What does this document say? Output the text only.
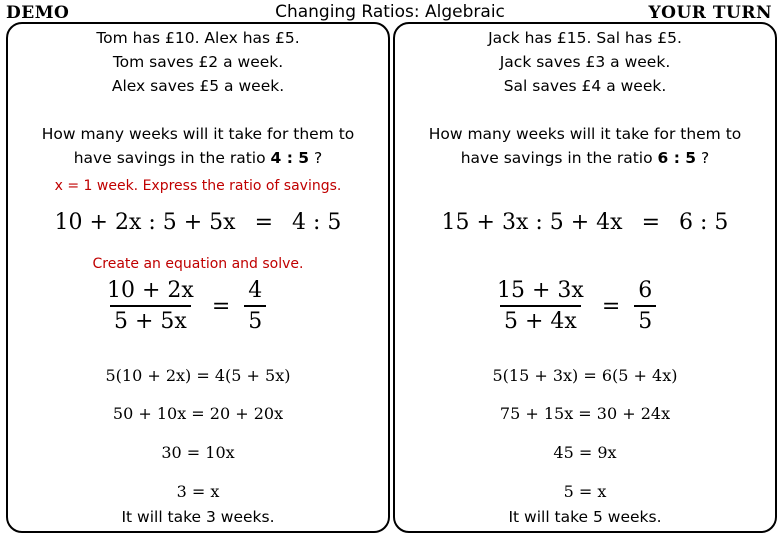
DEMO	Changing Ratios: Algebraic	YOUR TURN
Tom has £10. Alex has £5.
Tom saves £2 a week.
Alex saves £5 a week.
How many weeks will it take for them to
have savings in the ratio 4 : 5 ?
x = 1 week. Express the ratio of savings.
10 + 2x : 5 + 5x = 4 : 5
Create an equation and solve.
$\frac{10 + 2x}{5 + 5x} = \frac{4}{5}$
5(10 + 2x) = 4(5 + 5x)
50 + 10x = 20 + 20x
30 = 10x
3 = x
It will take 3 weeks.
Jack has £15. Sal has £5.
Jack saves £3 a week.
Sal saves £4 a week.
How many weeks will it take for them to
have savings in the ratio 6 : 5 ?
15 + 3x : 5 + 4x = 6 : 5
$\frac{15 + 3x}{5 + 4x} = \frac{6}{5}$
5(15 + 3x) = 6(5 + 4x)
75 + 15x = 30 + 24x
45 = 9x
5 = x
It will take 5 weeks.
